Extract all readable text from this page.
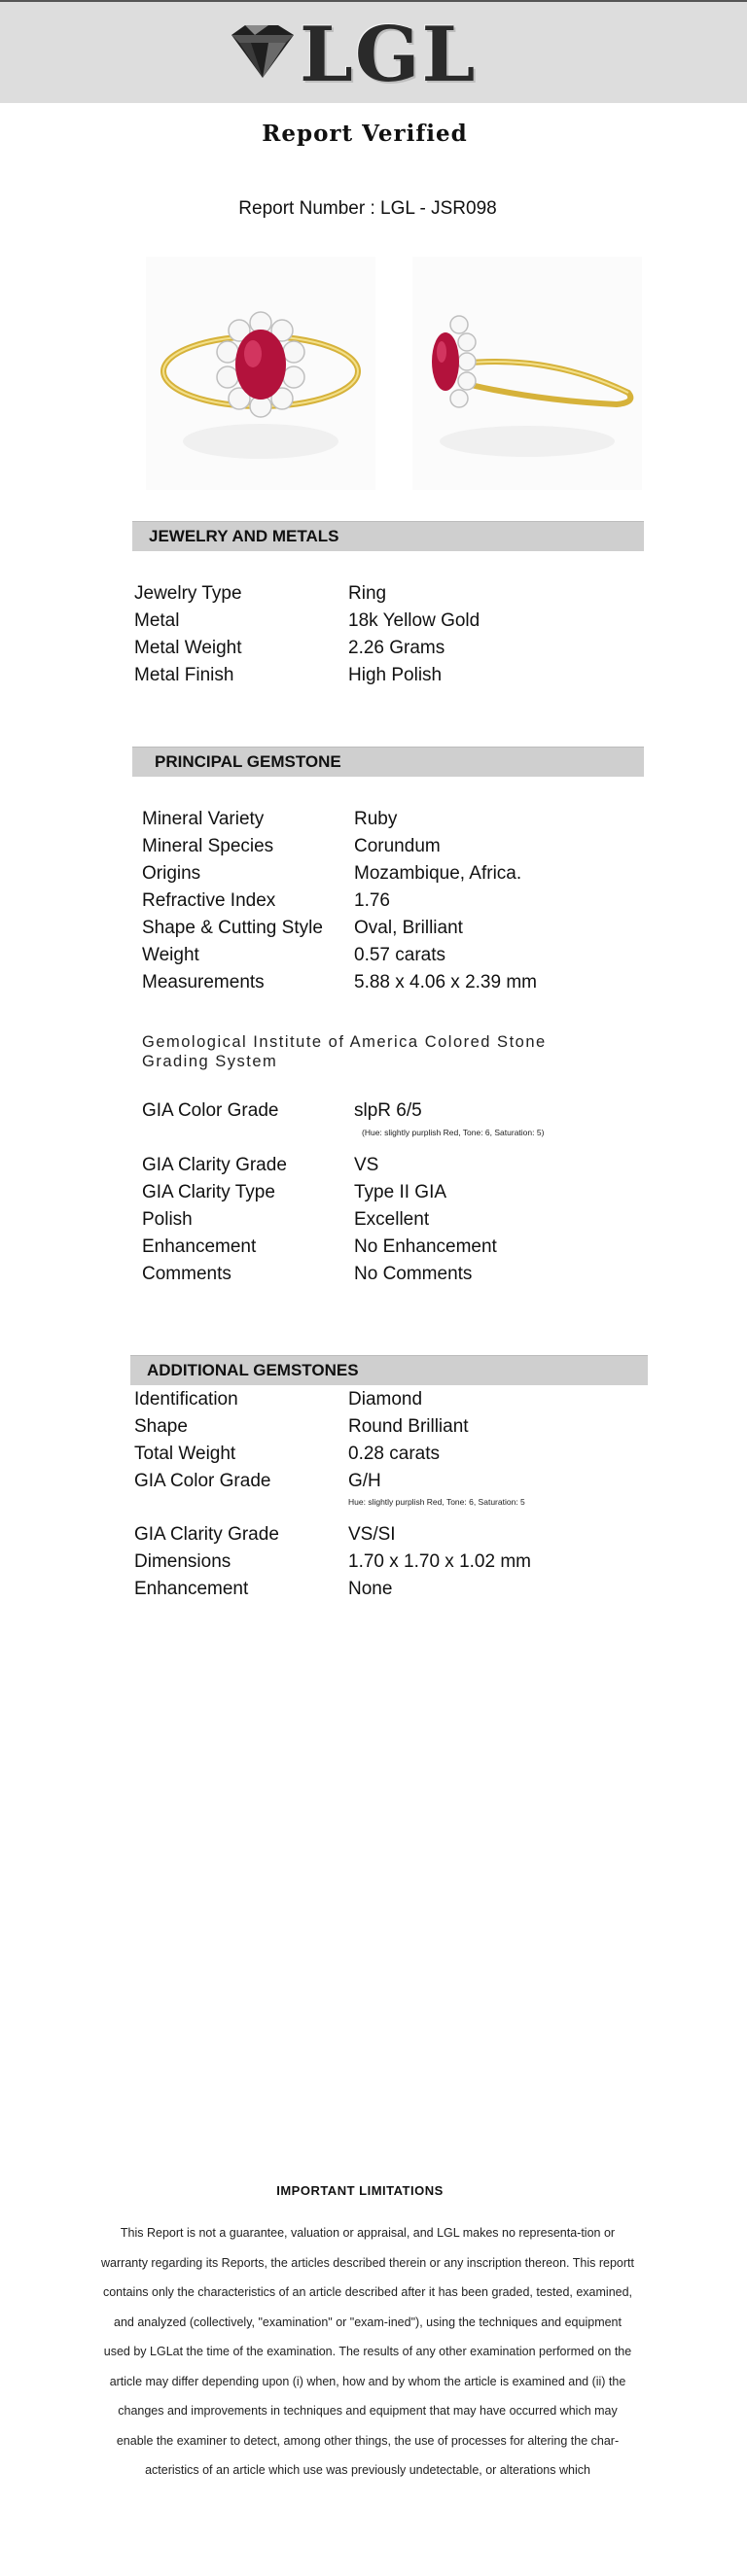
LGL
Report Verified
Report Number : LGL - JSR098
JEWELRY AND METALS
Jewelry Type	Ring
Metal	18k Yellow Gold
Metal Weight	2.26 Grams
Metal Finish	High Polish
PRINCIPAL GEMSTONE
Mineral Variety	Ruby
Mineral Species	Corundum
Origins	Mozambique, Africa.
Refractive Index	1.76
Shape & Cutting Style	Oval, Brilliant
Weight	0.57 carats
Measurements	5.88 x 4.06 x 2.39 mm
Gemological Institute of America Colored Stone Grading System
GIA Color Grade	slpR 6/5
(Hue: slightly purplish Red, Tone: 6, Saturation: 5)
GIA Clarity Grade	VS
GIA Clarity Type	Type II GIA
Polish	Excellent
Enhancement	No Enhancement
Comments	No Comments
ADDITIONAL GEMSTONES
Identification	Diamond
Shape	Round Brilliant
Total Weight	0.28 carats
GIA Color Grade	G/H
Hue: slightly purplish Red, Tone: 6, Saturation: 5
GIA Clarity Grade	VS/SI
Dimensions	1.70 x 1.70 x 1.02 mm
Enhancement	None
IMPORTANT LIMITATIONS
This Report is not a guarantee, valuation or appraisal, and LGL makes no representa-tion or warranty regarding its Reports, the articles described therein or any inscription thereon. This reportt contains only the characteristics of an article described after it has been graded, tested, examined, and analyzed (collectively, "examination" or "exam-ined"), using the techniques and equipment used by LGLat the time of the examination. The results of any other examination performed on the article may differ depending upon (i) when, how and by whom the article is examined and (ii) the changes and improvements in techniques and equipment that may have occurred which may enable the examiner to detect, among other things, the use of processes for altering the char-acteristics of an article which use was previously undetectable, or alterations which
